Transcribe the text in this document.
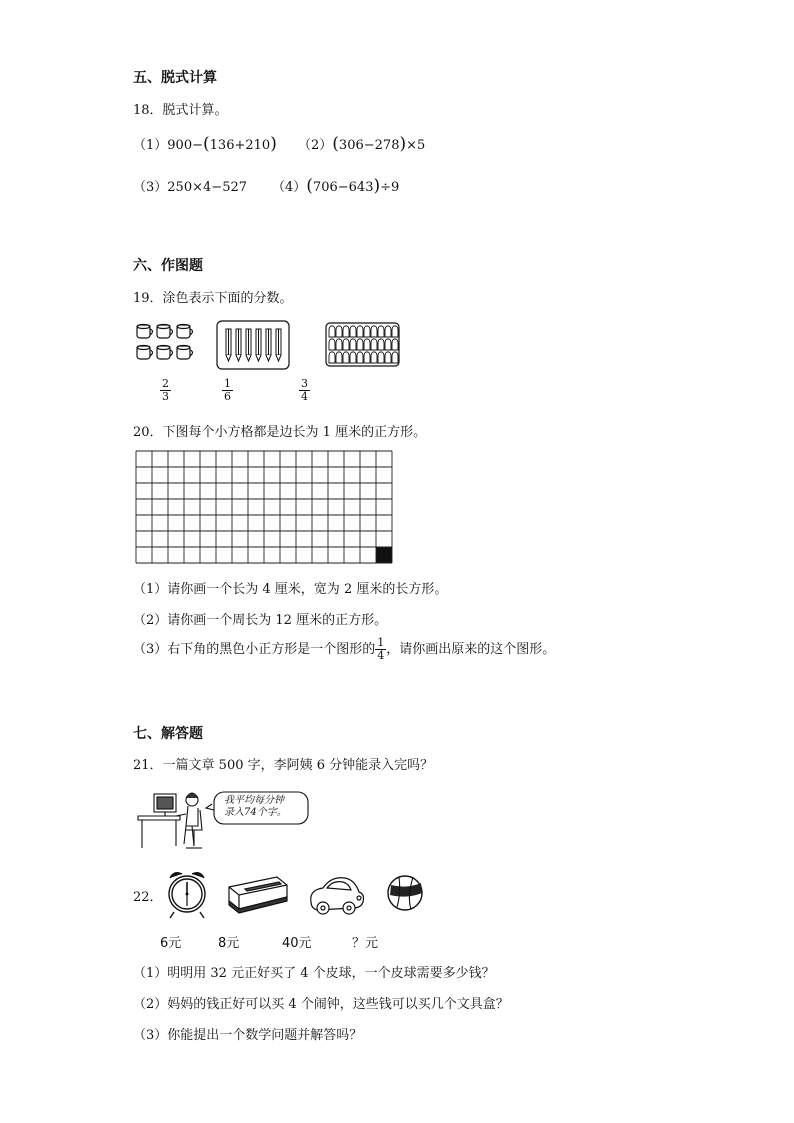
五、脱式计算
18．脱式计算。
（1）900−(136+210) （2）(306−278)×5
（3）250×4−527 （4）(706−643)÷9
六、作图题
19．涂色表示下面的分数。
$\frac{2}{3}$	$\frac{1}{6}$	$\frac{3}{4}$
20．下图每个小方格都是边长为 1 厘米的正方形。
（1）请你画一个长为 4 厘米，宽为 2 厘米的长方形。
（2）请你画一个周长为 12 厘米的正方形。
（3）右下角的黑色小正方形是一个图形的 $\frac{1}{4}$ ，请你画出原来的这个图形。
七、解答题
21．一篇文章 500 字，李阿姨 6 分钟能录入完吗？
我平均每分钟
录入74个字。
22．
6元	8元	40元	？元
（1）明明用 32 元正好买了 4 个皮球，一个皮球需要多少钱？
（2）妈妈的钱正好可以买 4 个闹钟，这些钱可以买几个文具盒？
（3）你能提出一个数学问题并解答吗？
